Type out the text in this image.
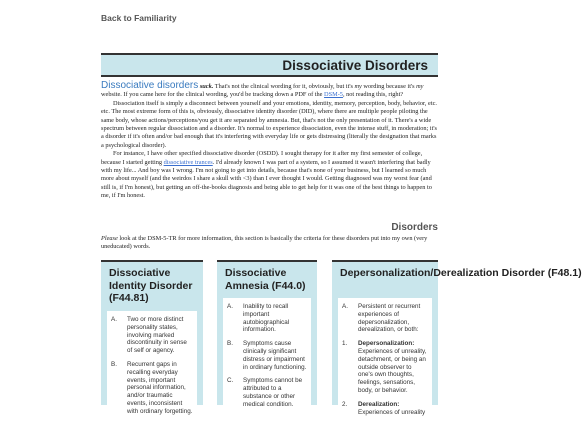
Back to Familiarity
Dissociative Disorders

Dissociative disorders suck. That's not the clinical wording for it, obviously, but it's my wording because it's my website. If you came here for the clinical wording, you'd be tracking down a PDF of the DSM-5, not reading this, right?

Dissociation itself is simply a disconnect between yourself and your emotions, identity, memory, perception, body, behavior, etc. etc. The most extreme form of this is, obviously, dissociative identity disorder (DID), where there are multiple people piloting the same body, whose actions/perceptions/you get it are separated by amnesia. But, that's not the only presentation of it. There's a wide spectrum between regular dissociation and a disorder. It's normal to experience dissociation, even the intense stuff, in moderation; it's a disorder if it's often and/or bad enough that it's interfering with everyday life or gets distressing (literally the designation that marks a psychological disorder).

For instance, I have other specified dissociative disorder (OSDD). I sought therapy for it after my first semester of college, because I started getting dissociative trances. I'd already known I was part of a system, so I assumed it wasn't interfering that badly with my life... And boy was I wrong. I'm not going to get into details, because that's none of your business, but I learned so much more about myself (and the weirdos I share a skull with <3) than I ever thought I would. Getting diagnosed was my worst fear (and still is, if I'm honest), but getting an off-the-books diagnosis and being able to get help for it was one of the best things to happen to me, if I'm honest.

Disorders
Please look at the DSM-5-TR for more information, this section is basically the criteria for these disorders put into my own (very uneducated) words.
Dissociative
Identity Disorder
(F44.81)
A.	Two or more distinct personality states, involving marked discontinuity in sense of self or agency.
B.	Recurrent gaps in recalling everyday events, important personal information, and/or traumatic events, inconsistent with ordinary forgetting.
Dissociative
Amnesia (F44.0)
A.	Inability to recall important autobiographical information.
B.	Symptoms cause clinically significant distress or impairment in ordinary functioning.
C.	Symptoms cannot be attributed to a substance or other medical condition.
Depersonalization/Derealization Disorder (F48.1)
A.	Persistent or recurrent experiences of depersonalization, derealization, or both:
1.	Depersonalization: Experiences of unreality, detachment, or being an outside observer to one's own thoughts, feelings, sensations, body, or behavior.
2.	Derealization: Experiences of unreality
